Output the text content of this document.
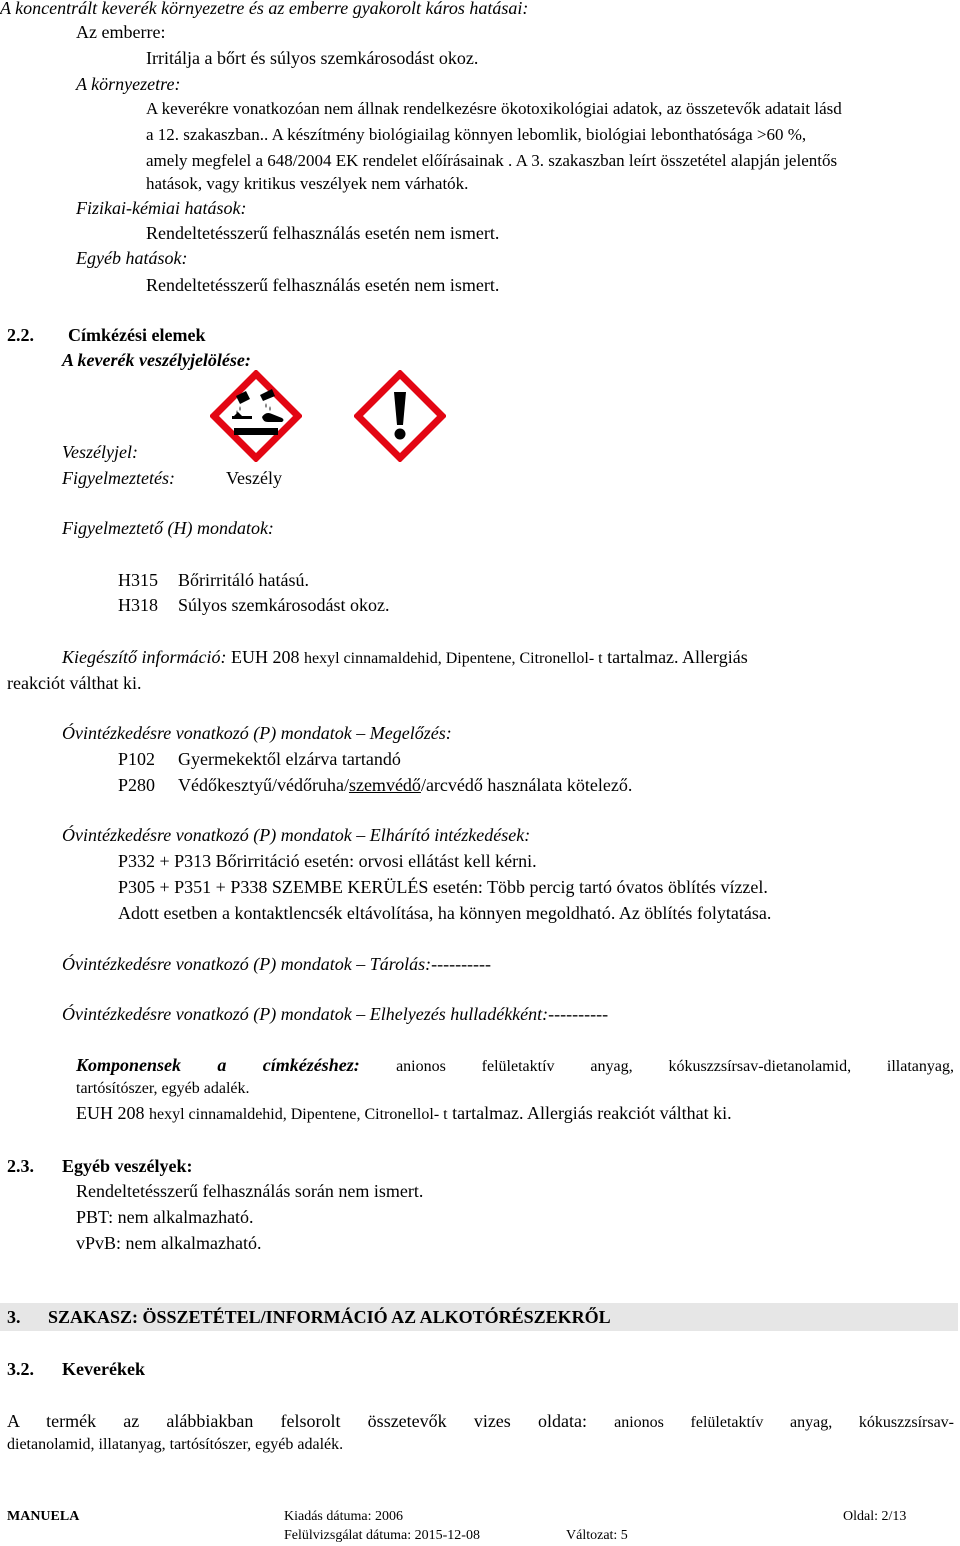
A koncentrált keverék környezetre és az emberre gyakorolt káros hatásai:
Az emberre:
Irritálja a bőrt és súlyos szemkárosodást okoz.
A környezetre:
A keverékre vonatkozóan nem állnak rendelkezésre ökotoxikológiai adatok, az összetevők adatait lásd
a 12. szakaszban.. A készítmény biológiailag könnyen lebomlik, biológiai lebonthatósága >60 %,
amely megfelel a 648/2004 EK rendelet előírásainak . A 3. szakaszban leírt összetétel alapján jelentős
hatások, vagy kritikus veszélyek nem várhatók.
Fizikai-kémiai hatások:
Rendeltetésszerű felhasználás esetén nem ismert.
Egyéb hatások:
Rendeltetésszerű felhasználás esetén nem ismert.
2.2. Címkézési elemek
A keverék veszélyjelölése:
Veszélyjel:
Figyelmeztetés:	Veszély
Figyelmeztető (H) mondatok:
H315 Bőrirritáló hatású.
H318 Súlyos szemkárosodást okoz.
Kiegészítő információ: EUH 208 hexyl cinnamaldehid, Dipentene, Citronellol- t tartalmaz. Allergiás
reakciót válthat ki.
Óvintézkedésre vonatkozó (P) mondatok – Megelőzés:
P102 Gyermekektől elzárva tartandó
P280 Védőkesztyű/védőruha/szemvédő/arcvédő használata kötelező.
Óvintézkedésre vonatkozó (P) mondatok – Elhárító intézkedések:
P332 + P313 Bőrirritáció esetén: orvosi ellátást kell kérni.
P305 + P351 + P338 SZEMBE KERÜLÉS esetén: Több percig tartó óvatos öblítés vízzel.
Adott esetben a kontaktlencsék eltávolítása, ha könnyen megoldható. Az öblítés folytatása.
Óvintézkedésre vonatkozó (P) mondatok – Tárolás:----------
Óvintézkedésre vonatkozó (P) mondatok – Elhelyezés hulladékként:----------
Komponensek a címkézéshez: anionos felületaktív anyag, kókuszzsírsav-dietanolamid, illatanyag,
tartósítószer, egyéb adalék.
EUH 208 hexyl cinnamaldehid, Dipentene, Citronellol- t tartalmaz. Allergiás reakciót válthat ki.
2.3. Egyéb veszélyek:
Rendeltetésszerű felhasználás során nem ismert.
PBT: nem alkalmazható.
vPvB: nem alkalmazható.
3. SZAKASZ: ÖSSZETÉTEL/INFORMÁCIÓ AZ ALKOTÓRÉSZEKRŐL
3.2. Keverékek
A termék az alábbiakban felsorolt összetevők vizes oldata: anionos felületaktív anyag, kókuszzsírsav-
dietanolamid, illatanyag, tartósítószer, egyéb adalék.
MANUELA	Kiadás dátuma: 2006	Oldal: 2/13
Felülvizsgálat dátuma: 2015-12-08	Változat: 5
